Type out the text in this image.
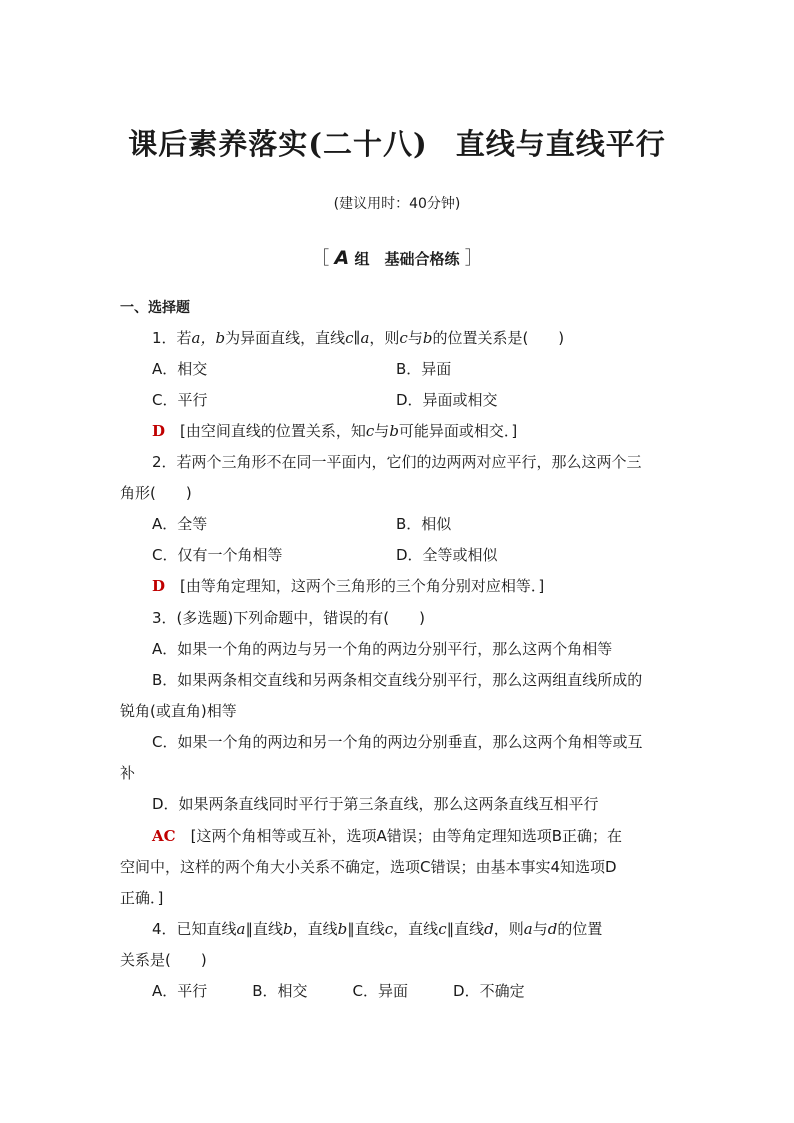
课后素养落实(二十八) 直线与直线平行
(建议用时：40分钟)
［ A 组　基础合格练 ］
一、选择题
1．若a，b为异面直线，直线c∥a，则c与b的位置关系是(　　)
A．相交	B．异面
C．平行	D．异面或相交
D　 [由空间直线的位置关系，知c与b可能异面或相交．]
2．若两个三角形不在同一平面内，它们的边两两对应平行，那么这两个三
角形(　　)
A．全等	B．相似
C．仅有一个角相等	D．全等或相似
D　 [由等角定理知，这两个三角形的三个角分别对应相等．]
3．(多选题)下列命题中，错误的有(　　)
A．如果一个角的两边与另一个角的两边分别平行，那么这两个角相等
B．如果两条相交直线和另两条相交直线分别平行，那么这两组直线所成的
锐角(或直角)相等
C．如果一个角的两边和另一个角的两边分别垂直，那么这两个角相等或互
补
D．如果两条直线同时平行于第三条直线，那么这两条直线互相平行
AC　 [这两个角相等或互补，选项A错误；由等角定理知选项B正确；在
空间中，这样的两个角大小关系不确定，选项C错误；由基本事实4知选项D
正确．]
4．已知直线a∥直线b，直线b∥直线c，直线c∥直线d，则a与d的位置
关系是(　　)
A．平行　　　B．相交　　　C．异面　　　D．不确定
